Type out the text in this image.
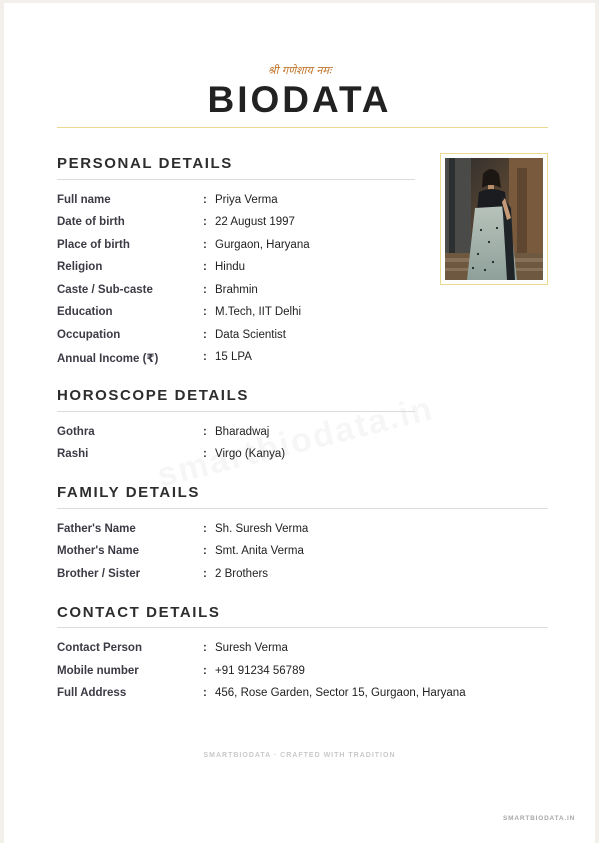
श्री गणेशाय नमः
BIODATA
PERSONAL DETAILS
Full name	: Priya Verma
Date of birth	: 22 August 1997
Place of birth	: Gurgaon, Haryana
Religion	: Hindu
Caste / Sub-caste	: Brahmin
Education	: M.Tech, IIT Delhi
Occupation	: Data Scientist
Annual Income (₹)	: 15 LPA
HOROSCOPE DETAILS
Gothra	: Bharadwaj
Rashi	: Virgo (Kanya)
FAMILY DETAILS
Father's Name	: Sh. Suresh Verma
Mother's Name	: Smt. Anita Verma
Brother / Sister	: 2 Brothers
CONTACT DETAILS
Contact Person	: Suresh Verma
Mobile number	: +91 91234 56789
Full Address	: 456, Rose Garden, Sector 15, Gurgaon, Haryana
SMARTBIODATA · CRAFTED WITH TRADITION
SMARTBIODATA.IN
